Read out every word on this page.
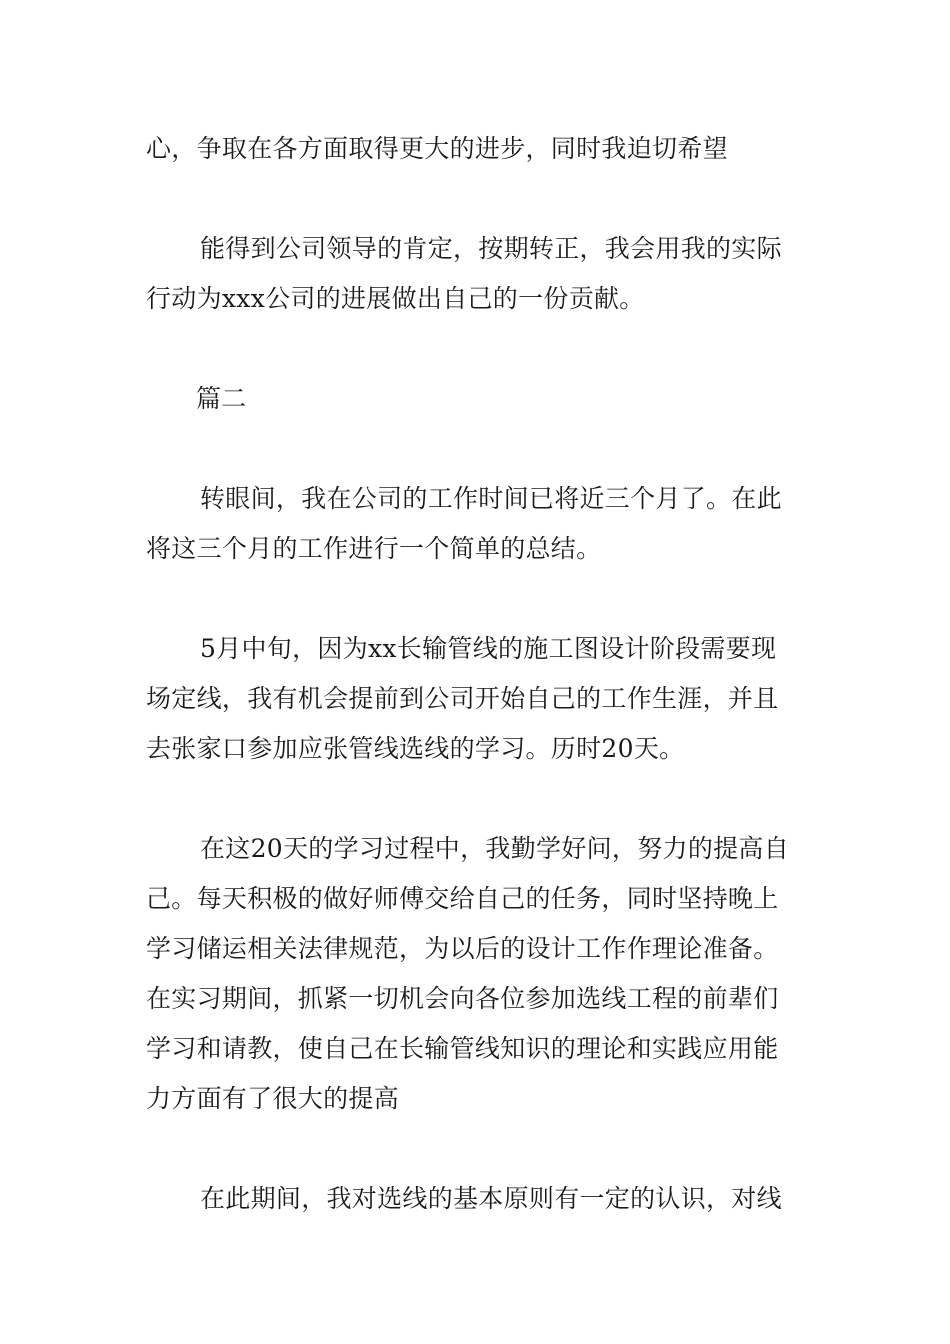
心，争取在各方面取得更大的进步，同时我迫切希望
能得到公司领导的肯定，按期转正，我会用我的实际
行动为xxx公司的进展做出自己的一份贡献。
篇二
转眼间，我在公司的工作时间已将近三个月了。在此
将这三个月的工作进行一个简单的总结。
5月中旬，因为xx长输管线的施工图设计阶段需要现
场定线，我有机会提前到公司开始自己的工作生涯，并且
去张家口参加应张管线选线的学习。历时20天。
在这20天的学习过程中，我勤学好问，努力的提高自
己。每天积极的做好师傅交给自己的任务，同时坚持晚上
学习储运相关法律规范，为以后的设计工作作理论准备。
在实习期间，抓紧一切机会向各位参加选线工程的前辈们
学习和请教，使自己在长输管线知识的理论和实践应用能
力方面有了很大的提高
在此期间，我对选线的基本原则有一定的认识，对线
